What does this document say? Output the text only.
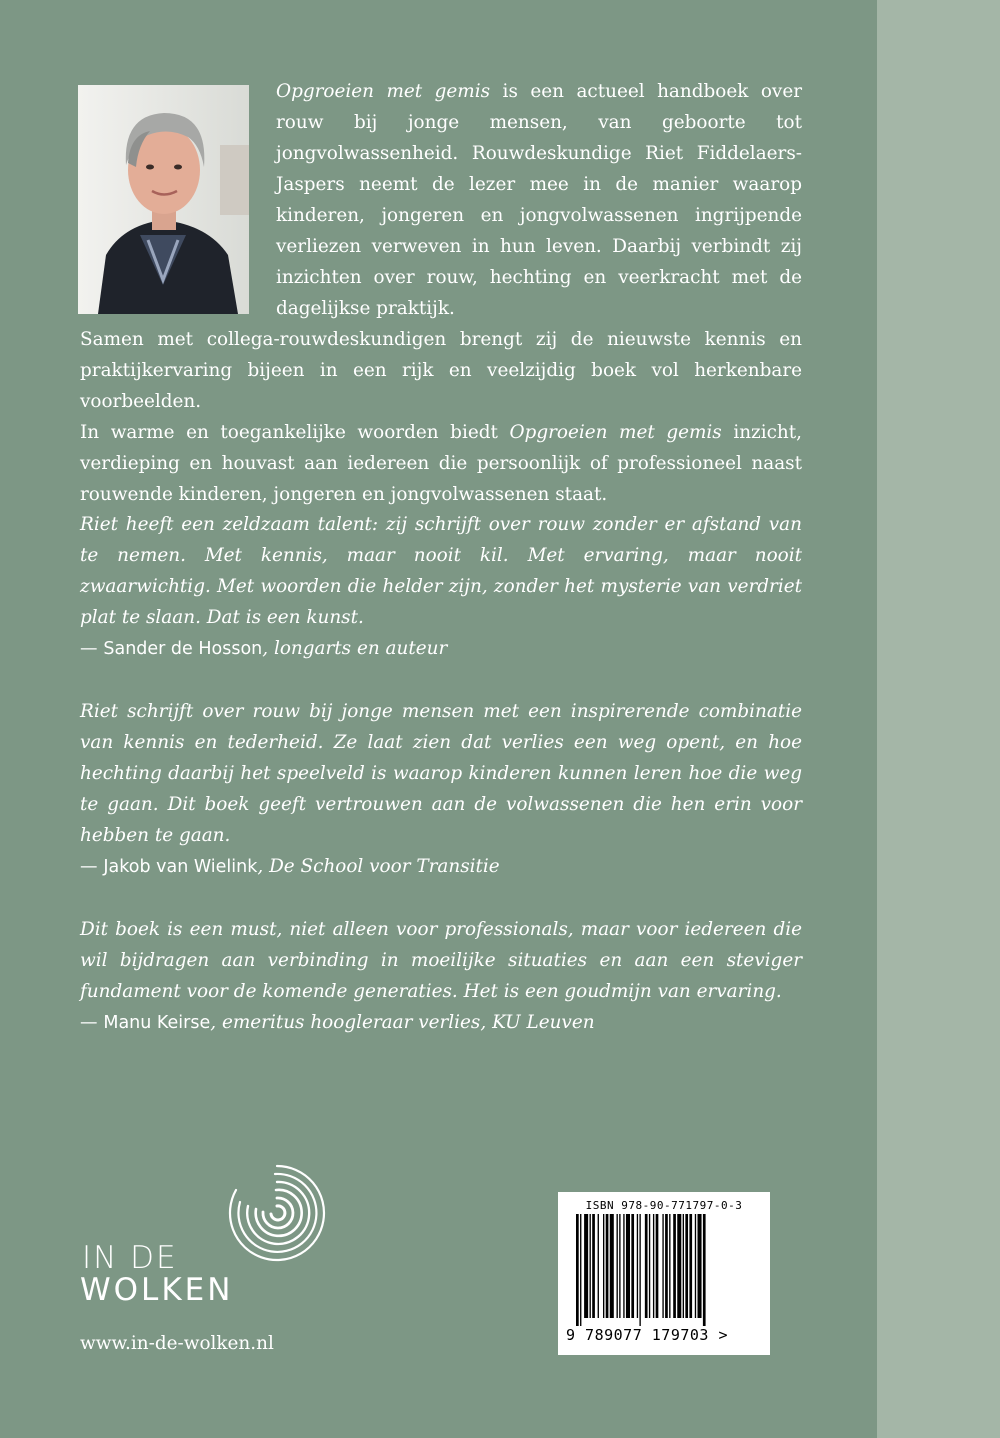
Opgroeien met gemis is een actueel handboek over rouw bij jonge mensen, van geboorte tot jongvolwassenheid. Rouwdeskundige Riet Fiddelaers-Jaspers neemt de lezer mee in de manier waarop kinderen, jongeren en jongvolwassenen ingrijpende verliezen verweven in hun leven. Daarbij verbindt zij inzichten over rouw, hechting en veerkracht met de dagelijkse praktijk.

Samen met collega-rouwdeskundigen brengt zij de nieuwste kennis en praktijkervaring bijeen in een rijk en veelzijdig boek vol herkenbare voorbeelden.

In warme en toegankelijke woorden biedt Opgroeien met gemis inzicht, verdieping en houvast aan iedereen die persoonlijk of professioneel naast rouwende kinderen, jongeren en jongvolwassenen staat.

Riet heeft een zeldzaam talent: zij schrijft over rouw zonder er afstand van te nemen. Met kennis, maar nooit kil. Met ervaring, maar nooit zwaarwichtig. Met woorden die helder zijn, zonder het mysterie van verdriet plat te slaan. Dat is een kunst.
— Sander de Hosson, longarts en auteur

Riet schrijft over rouw bij jonge mensen met een inspirerende combinatie van kennis en tederheid. Ze laat zien dat verlies een weg opent, en hoe hechting daarbij het speelveld is waarop kinderen kunnen leren hoe die weg te gaan. Dit boek geeft vertrouwen aan de volwassenen die hen erin voor hebben te gaan.
— Jakob van Wielink, De School voor Transitie

Dit boek is een must, niet alleen voor professionals, maar voor iedereen die wil bijdragen aan verbinding in moeilijke situaties en aan een steviger fundament voor de komende generaties. Het is een goudmijn van ervaring.
— Manu Keirse, emeritus hoogleraar verlies, KU Leuven

IN DE
WOLKEN
www.in-de-wolken.nl
ISBN 978-90-771797-0-3
9 789077 179703 >
